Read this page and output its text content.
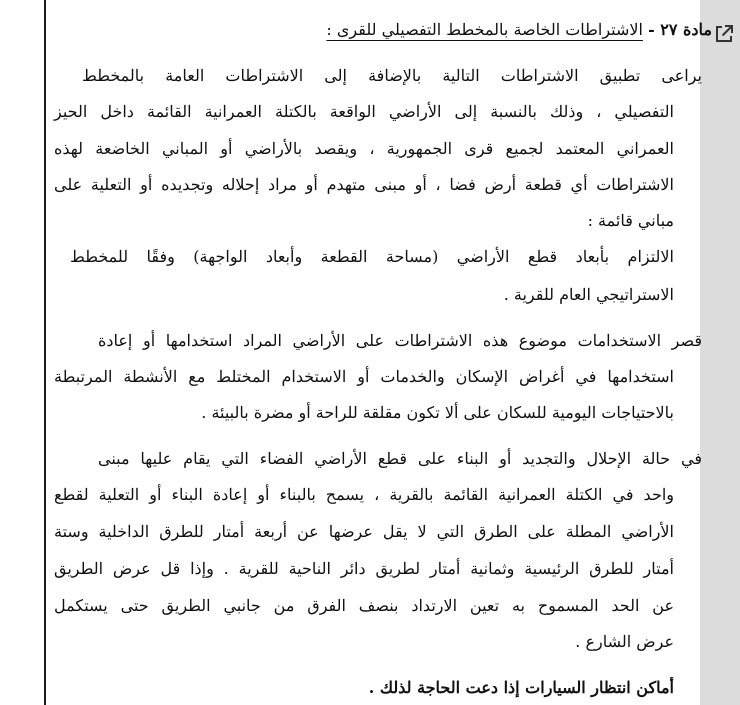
مادة ٢٧ - الاشتراطات الخاصة بالمخطط التفصيلي للقرى :
يراعى تطبيق الاشتراطات التالية بالإضافة إلى الاشتراطات العامة بالمخطط
التفصيلي ، وذلك بالنسبة إلى الأراضي الواقعة بالكتلة العمرانية القائمة داخل الحيز
العمراني المعتمد لجميع قرى الجمهورية ، ويقصد بالأراضي أو المباني الخاضعة لهذه
الاشتراطات أي قطعة أرض فضا ، أو مبنى متهدم أو مراد إحلاله وتجديده أو التعلية على
مباني قائمة :
الالتزام بأبعاد قطع الأراضي (مساحة القطعة وأبعاد الواجهة) وفقًا للمخطط
الاستراتيجي العام للقرية .
قصر الاستخدامات موضوع هذه الاشتراطات على الأراضي المراد استخدامها أو إعادة
استخدامها في أغراض الإسكان والخدمات أو الاستخدام المختلط مع الأنشطة المرتبطة
بالاحتياجات اليومية للسكان على ألا تكون مقلقة للراحة أو مضرة بالبيئة .
في حالة الإحلال والتجديد أو البناء على قطع الأراضي الفضاء التي يقام عليها مبنى
واحد في الكتلة العمرانية القائمة بالقرية ، يسمح بالبناء أو إعادة البناء أو التعلية لقطع
الأراضي المطلة على الطرق التي لا يقل عرضها عن أربعة أمتار للطرق الداخلية وستة
أمتار للطرق الرئيسية وثمانية أمتار لطريق دائر الناحية للقرية . وإذا قل عرض الطريق
عن الحد المسموح به تعين الارتداد بنصف الفرق من جانبي الطريق حتى يستكمل
عرض الشارع .
أماكن انتظار السيارات إذا دعت الحاجة لذلك .
